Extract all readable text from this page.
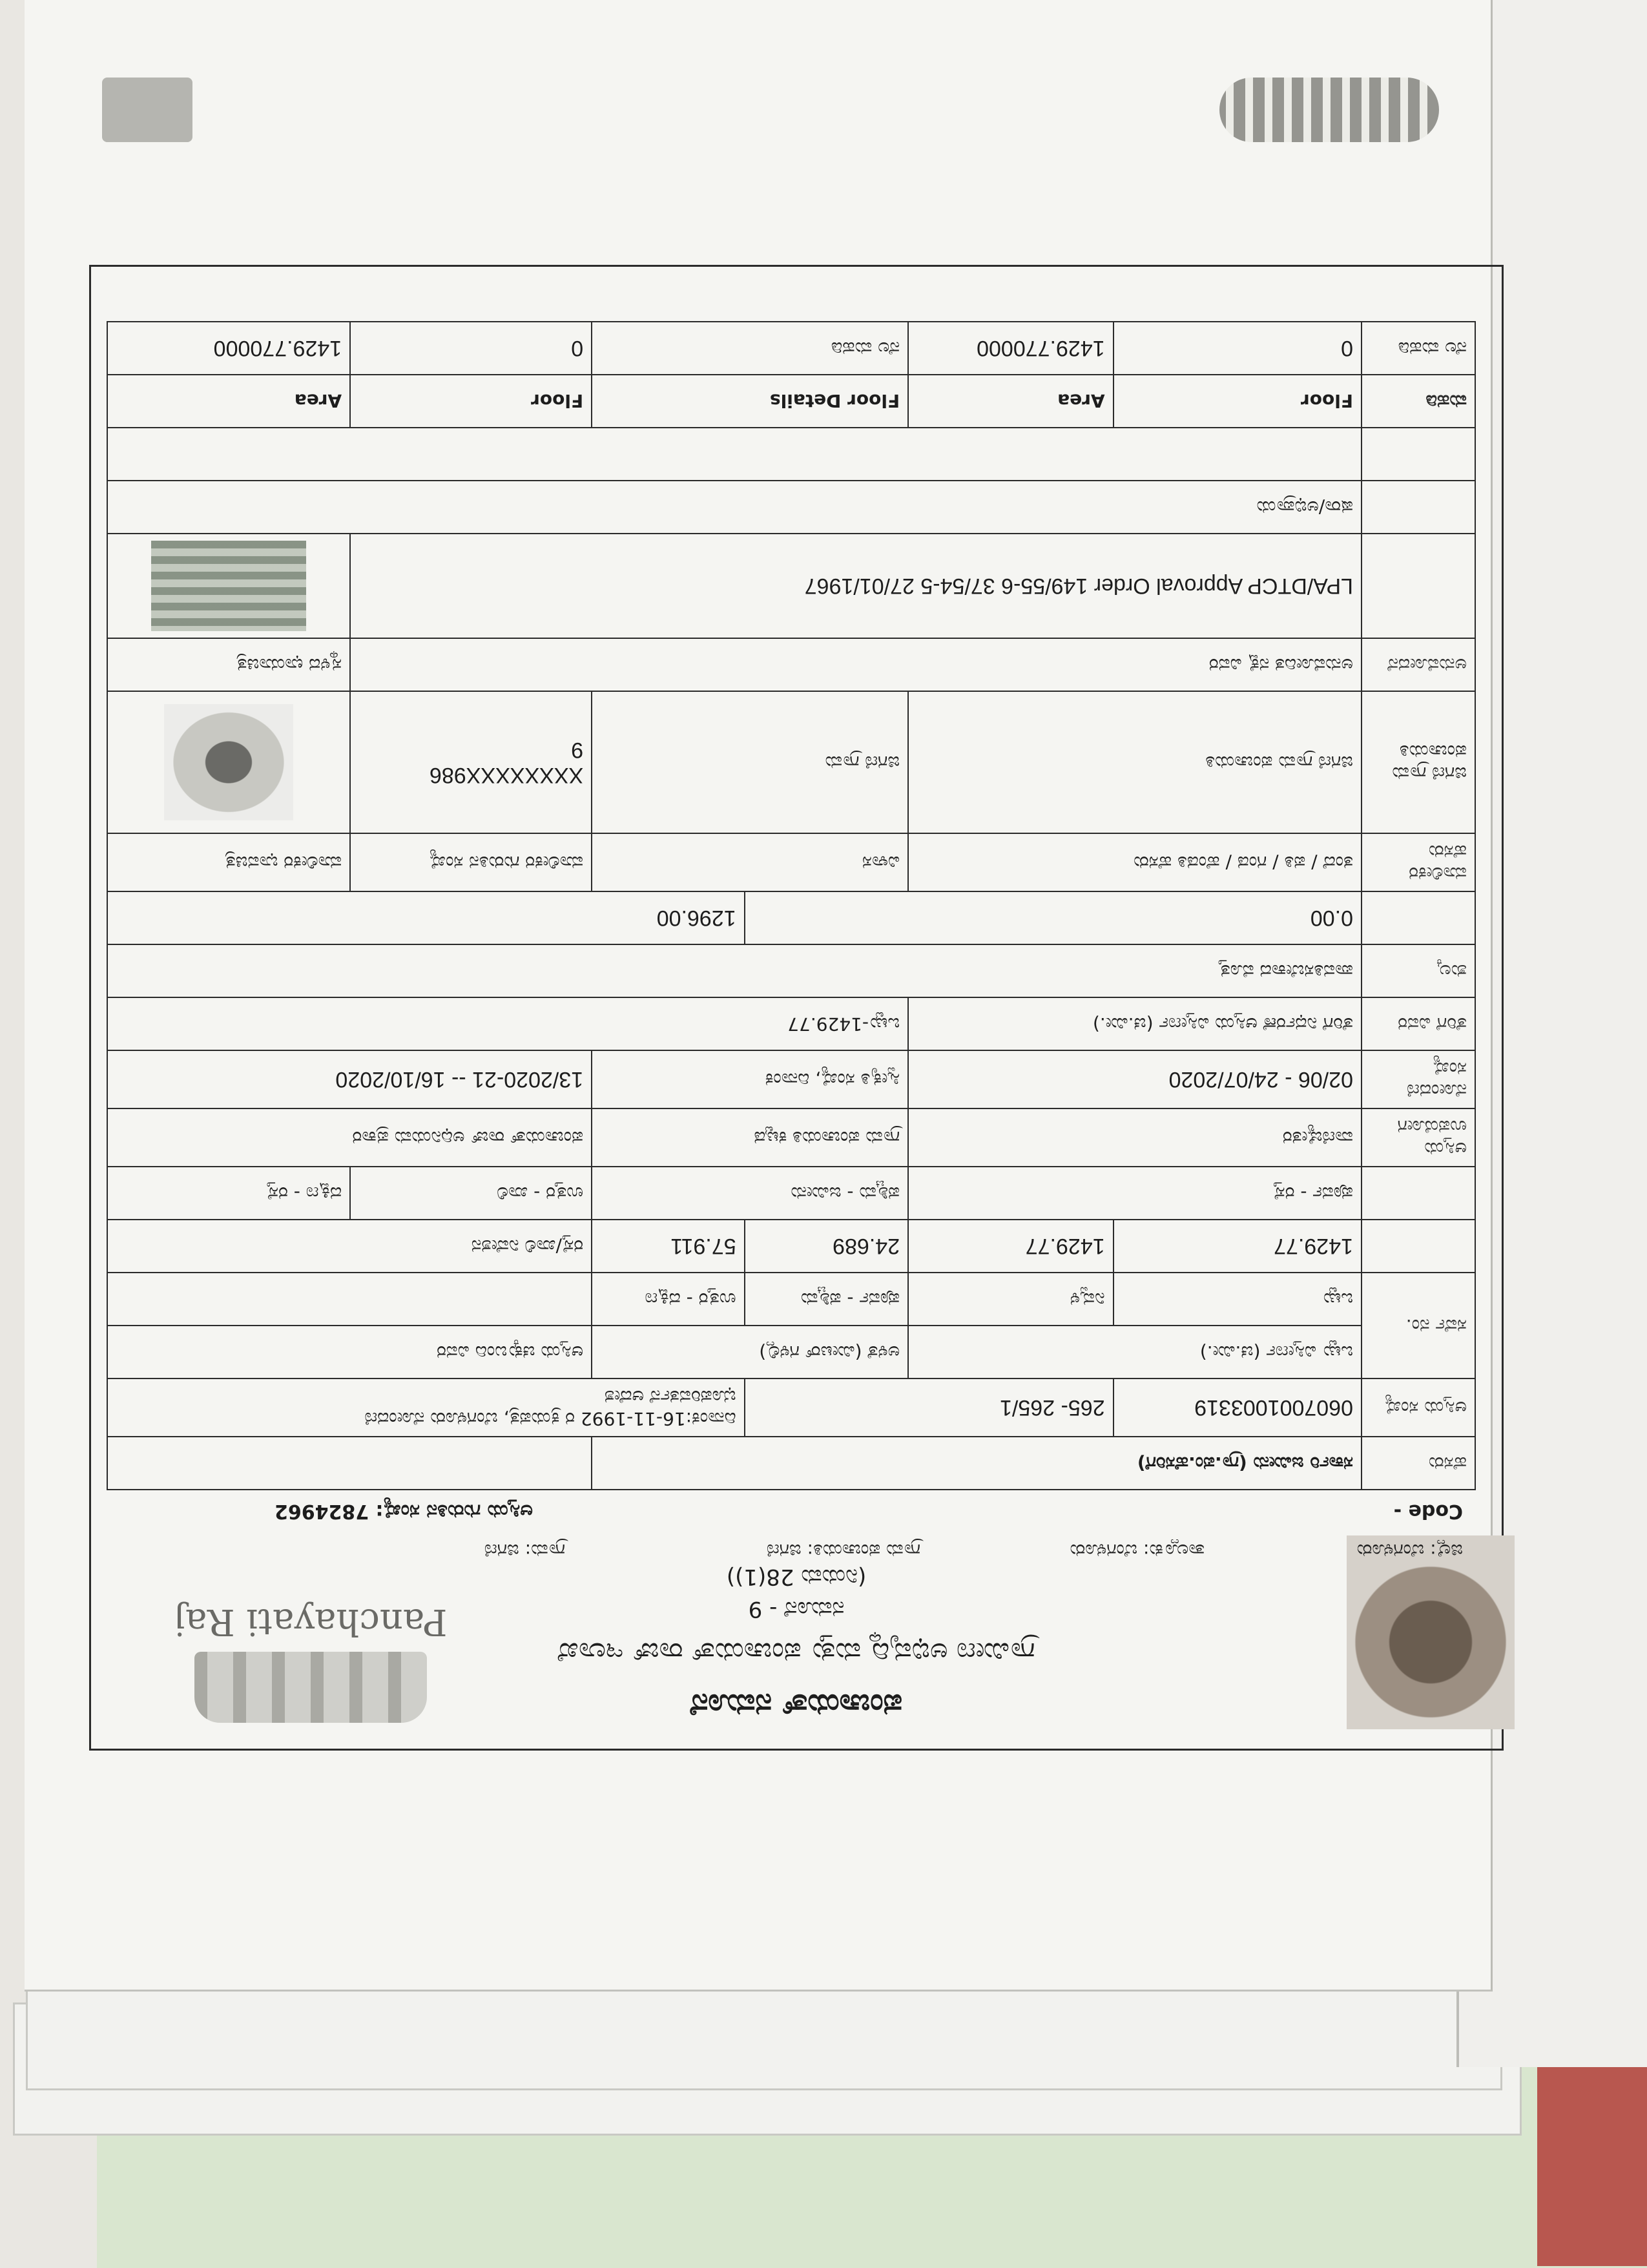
Panchayati Raj
ಪಂಚಾಯತ್ ನಮೂನೆ
ಗ್ರಾಮೀಣ ಅಭಿವೃದ್ಧಿ ಮತ್ತು ಪಂಚಾಯತ್ ರಾಜ್ ಇಲಾಖೆ
ನಮೂನೆ - 9
(ನಿಯಮ 28(1))
ಜಿಲ್ಲೆ: ಬೆಂಗಳೂರು
ತಾಲ್ಲೂಕು: ಬೆಂಗಳೂರು
ಗ್ರಾಮ ಪಂಚಾಯತಿ: ಜಿಗಣಿ
ಗ್ರಾಮ: ಜಿಗಣಿ
Code -
ಆಸ್ತಿಯ ಗುರುತಿನ ಸಂಖ್ಯೆ: 7824962
ಹೆಸರು	ಸರ್ಕಾರಿ ಜಮೀನು (ಗ್ರಾ.ಪಂ.ಹೆಸರಿಗೆ)					
ಆಸ್ತಿಯ ಸಂಖ್ಯೆ	0607001003319	265- 265/1		ದಿನಾಂಕ:16-11-1992 ರ ಕ್ರಯಪತ್ರ, ಬೆಂಗಳೂರು ನೋಂದಣಿ
ಭೂಪರಿವರ್ತನೆ ಆದೇಶ		

ಸರ್ವೆ ನಂ.	ಒಟ್ಟು ವಿಸ್ತೀರ್ಣ (ಚ.ಮೀ.)		ಅಳತೆ (ಮೀಟರ್ ಗಳಲ್ಲಿ)		ಆಸ್ತಿಯ ಚಕ್ಕುಬಂದಿ ವಿವರ	
	ಒಟ್ಟು	ನಿವ್ವಳ	ಪೂರ್ವ - ಪಶ್ಚಿಮ	ಉತ್ತರ - ದಕ್ಷಿಣ		
	1429.77	1429.77	24.689	57.911	ರಸ್ತೆ/ಖಾಲಿ ನಿವೇಶನ	
	ಪೂರ್ವ - ರಸ್ತೆ		ಪಶ್ಚಿಮ - ಜಮೀನು		ಉತ್ತರ - ಖಾಲಿ	ದಕ್ಷಿಣ - ರಸ್ತೆ
ಆಸ್ತಿಯ ಉಪಯೋಗ	ವಾಣಿಜ್ಯೇತರ		ಗ್ರಾಮ ಪಂಚಾಯತಿ ಕಟ್ಟಡ		ಪಂಚಾಯತ್ ರಾಜ್ ಅಧಿನಿಯಮ ಪ್ರಕಾರ	
ನೋಂದಣಿ ಸಂಖ್ಯೆ	02/06 - 24/07/2020		ಸ್ವೀಕೃತಿ ಸಂಖ್ಯೆ, ದಿನಾಂಕ		13/2020-21 -- 16/10/2020	
ತೆರಿಗೆ ವಿವರ	ತೆರಿಗೆ ನಿರ್ಧರಣೆ ಆಸ್ತಿಯ ವಿಸ್ತೀರ್ಣ (ಚ.ಮೀ.)		ಒಟ್ಟು-1429.77			
ಶುಲ್ಕ	ಪಾವತಿಸಬೇಕಾದ ಮೊತ್ತ					
	0.00			1296.00		
ಮಾಲೀಕರ ಹೆಸರು	ತಂದೆ / ಪತಿ / ಗಂಡ / ಹೆಂಡತಿ ಹೆಸರು		ವಿಳಾಸ		ಮಾಲೀಕರ ಗುರುತಿನ ಸಂಖ್ಯೆ	ಮಾಲೀಕರ ಭಾವಚಿತ್ರ
ಜಿಗಣಿ ಗ್ರಾಮ ಪಂಚಾಯತಿ	ಜಿಗಣಿ ಗ್ರಾಮ ಪಂಚಾಯತಿ		ಜಿಗಣಿ ಗ್ರಾಮ		XXXXXXXX986
9	

ಅನುಮೋದನೆ	ಅನುಮೋದಿತ ನಕ್ಷೆ ವಿವರ					ಸ್ಥಳದ ಛಾಯಾಚಿತ್ರ
	LPA/DTCP Approval Order 149/55-6 37/54-5 27/01/1967					

	ಷರಾ/ಅಭಿಪ್ರಾಯ					

ಮಹಡಿ	Floor	Area	Floor Details		Floor	Area
ನೆಲ ಮಹಡಿ	0	1429.770000	ನೆಲ ಮಹಡಿ		0	1429.770000
